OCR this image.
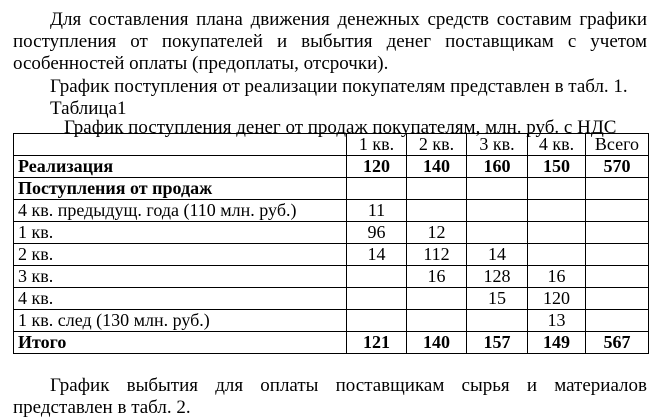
Для составления плана движения денежных средств составим графики
поступления от покупателей и выбытия денег поставщикам с учетом
особенностей оплаты (предоплаты, отсрочки).
График поступления от реализации покупателям представлен в табл. 1.
Таблица1
График поступления денег от продаж покупателям, млн. руб. с НДС
	1 кв.	2 кв.	3 кв.	4 кв.	Всего
Реализация	120	140	160	150	570
Поступления от продаж					
4 кв. предыдущ. года (110 млн. руб.)	11				
1 кв.	96	12			
2 кв.	14	112	14		
3 кв.		16	128	16	
4 кв.			15	120	
1 кв. след (130 млн. руб.)				13	
Итого	121	140	157	149	567
График выбытия для оплаты поставщикам сырья и материалов
представлен в табл. 2.
